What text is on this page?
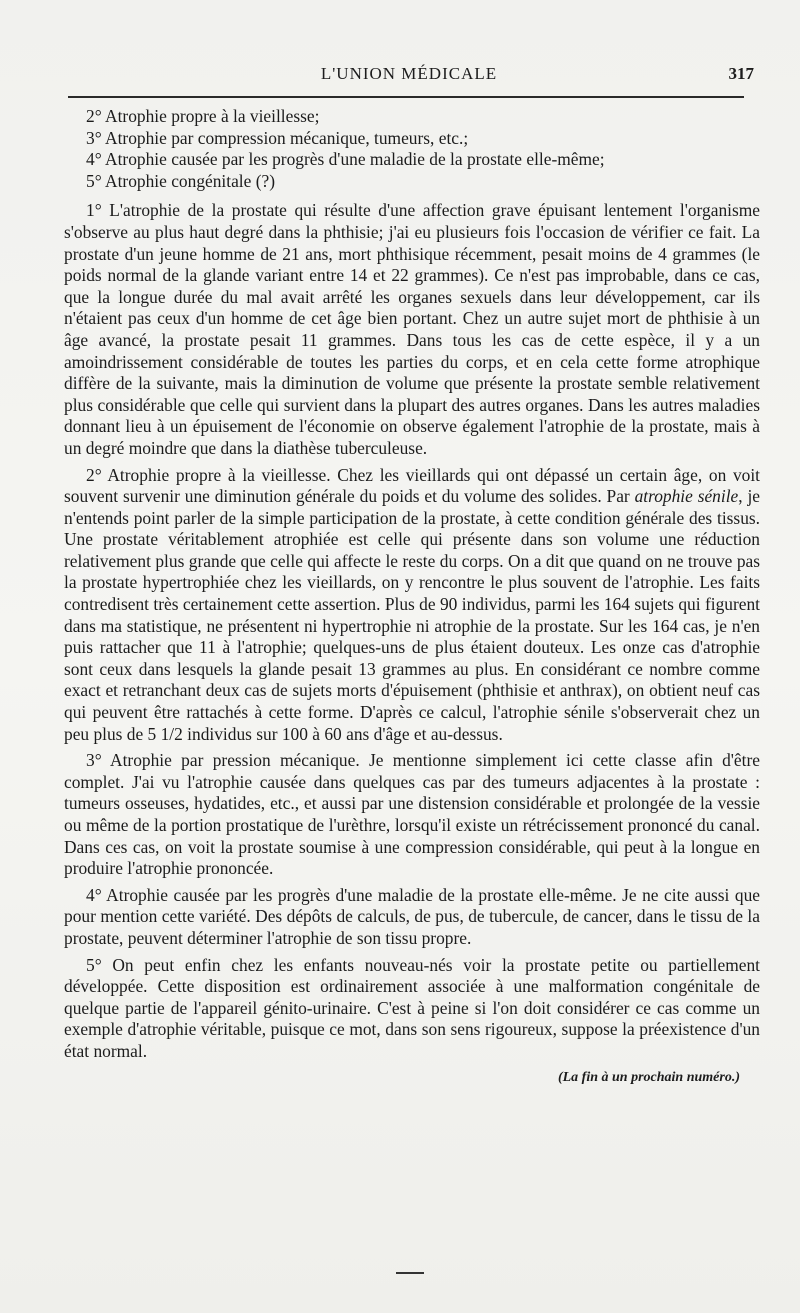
L'UNION MÉDICALE	317
2° Atrophie propre à la vieillesse;
3° Atrophie par compression mécanique, tumeurs, etc.;
4° Atrophie causée par les progrès d'une maladie de la prostate elle-même;
5° Atrophie congénitale (?)

1° L'atrophie de la prostate qui résulte d'une affection grave épuisant lentement l'organisme s'observe au plus haut degré dans la phthisie; j'ai eu plusieurs fois l'occasion de vérifier ce fait. La prostate d'un jeune homme de 21 ans, mort phthisique récemment, pesait moins de 4 grammes (le poids normal de la glande variant entre 14 et 22 grammes). Ce n'est pas improbable, dans ce cas, que la longue durée du mal avait arrêté les organes sexuels dans leur développement, car ils n'étaient pas ceux d'un homme de cet âge bien portant. Chez un autre sujet mort de phthisie à un âge avancé, la prostate pesait 11 grammes. Dans tous les cas de cette espèce, il y a un amoindrissement considérable de toutes les parties du corps, et en cela cette forme atrophique diffère de la suivante, mais la diminution de volume que présente la prostate semble relativement plus considérable que celle qui survient dans la plupart des autres organes. Dans les autres maladies donnant lieu à un épuisement de l'économie on observe également l'atrophie de la prostate, mais à un degré moindre que dans la diathèse tuberculeuse.

2° Atrophie propre à la vieillesse. Chez les vieillards qui ont dépassé un certain âge, on voit souvent survenir une diminution générale du poids et du volume des solides. Par atrophie sénile, je n'entends point parler de la simple participation de la prostate, à cette condition générale des tissus. Une prostate véritablement atrophiée est celle qui présente dans son volume une réduction relativement plus grande que celle qui affecte le reste du corps. On a dit que quand on ne trouve pas la prostate hypertrophiée chez les vieillards, on y rencontre le plus souvent de l'atrophie. Les faits contredisent très certainement cette assertion. Plus de 90 individus, parmi les 164 sujets qui figurent dans ma statistique, ne présentent ni hypertrophie ni atrophie de la prostate. Sur les 164 cas, je n'en puis rattacher que 11 à l'atrophie; quelques-uns de plus étaient douteux. Les onze cas d'atrophie sont ceux dans lesquels la glande pesait 13 grammes au plus. En considérant ce nombre comme exact et retranchant deux cas de sujets morts d'épuisement (phthisie et anthrax), on obtient neuf cas qui peuvent être rattachés à cette forme. D'après ce calcul, l'atrophie sénile s'observerait chez un peu plus de 5 1/2 individus sur 100 à 60 ans d'âge et au-dessus.

3° Atrophie par pression mécanique. Je mentionne simplement ici cette classe afin d'être complet. J'ai vu l'atrophie causée dans quelques cas par des tumeurs adjacentes à la prostate : tumeurs osseuses, hydatides, etc., et aussi par une distension considérable et prolongée de la vessie ou même de la portion prostatique de l'urèthre, lorsqu'il existe un rétrécissement prononcé du canal. Dans ces cas, on voit la prostate soumise à une compression considérable, qui peut à la longue en produire l'atrophie prononcée.

4° Atrophie causée par les progrès d'une maladie de la prostate elle-même. Je ne cite aussi que pour mention cette variété. Des dépôts de calculs, de pus, de tubercule, de cancer, dans le tissu de la prostate, peuvent déterminer l'atrophie de son tissu propre.

5° On peut enfin chez les enfants nouveau-nés voir la prostate petite ou partiellement développée. Cette disposition est ordinairement associée à une malformation congénitale de quelque partie de l'appareil génito-urinaire. C'est à peine si l'on doit considérer ce cas comme un exemple d'atrophie véritable, puisque ce mot, dans son sens rigoureux, suppose la préexistence d'un état normal.

(La fin à un prochain numéro.)
